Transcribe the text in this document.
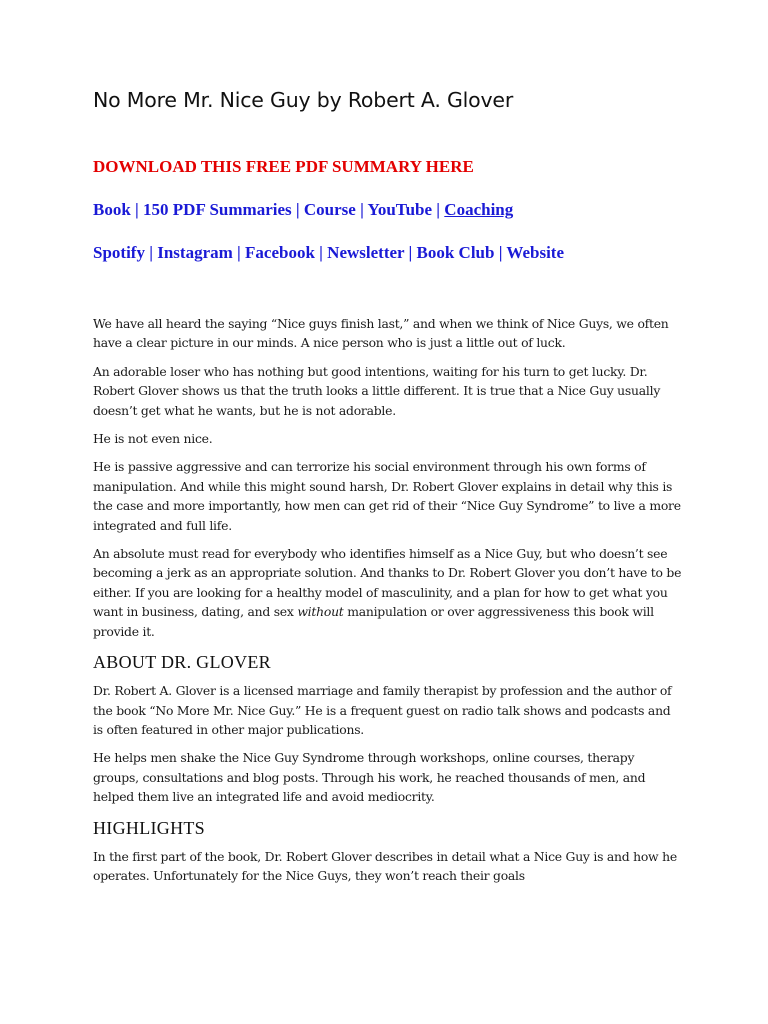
No More Mr. Nice Guy by Robert A. Glover
DOWNLOAD THIS FREE PDF SUMMARY HERE
Book | 150 PDF Summaries | Course | YouTube | Coaching
Spotify | Instagram | Facebook | Newsletter | Book Club | Website

We have all heard the saying “Nice guys finish last,” and when we think of Nice Guys, we often have a clear picture in our minds. A nice person who is just a little out of luck.

An adorable loser who has nothing but good intentions, waiting for his turn to get lucky. Dr. Robert Glover shows us that the truth looks a little different. It is true that a Nice Guy usually doesn’t get what he wants, but he is not adorable.

He is not even nice.

He is passive aggressive and can terrorize his social environment through his own forms of manipulation. And while this might sound harsh, Dr. Robert Glover explains in detail why this is the case and more importantly, how men can get rid of their “Nice Guy Syndrome” to live a more integrated and full life.

An absolute must read for everybody who identifies himself as a Nice Guy, but who doesn’t see becoming a jerk as an appropriate solution. And thanks to Dr. Robert Glover you don’t have to be either. If you are looking for a healthy model of masculinity, and a plan for how to get what you want in business, dating, and sex without manipulation or over aggressiveness this book will provide it.

ABOUT DR. GLOVER

Dr. Robert A. Glover is a licensed marriage and family therapist by profession and the author of the book “No More Mr. Nice Guy.” He is a frequent guest on radio talk shows and podcasts and is often featured in other major publications.

He helps men shake the Nice Guy Syndrome through workshops, online courses, therapy groups, consultations and blog posts. Through his work, he reached thousands of men, and helped them live an integrated life and avoid mediocrity.

HIGHLIGHTS

In the first part of the book, Dr. Robert Glover describes in detail what a Nice Guy is and how he operates. Unfortunately for the Nice Guys, they won’t reach their goals
